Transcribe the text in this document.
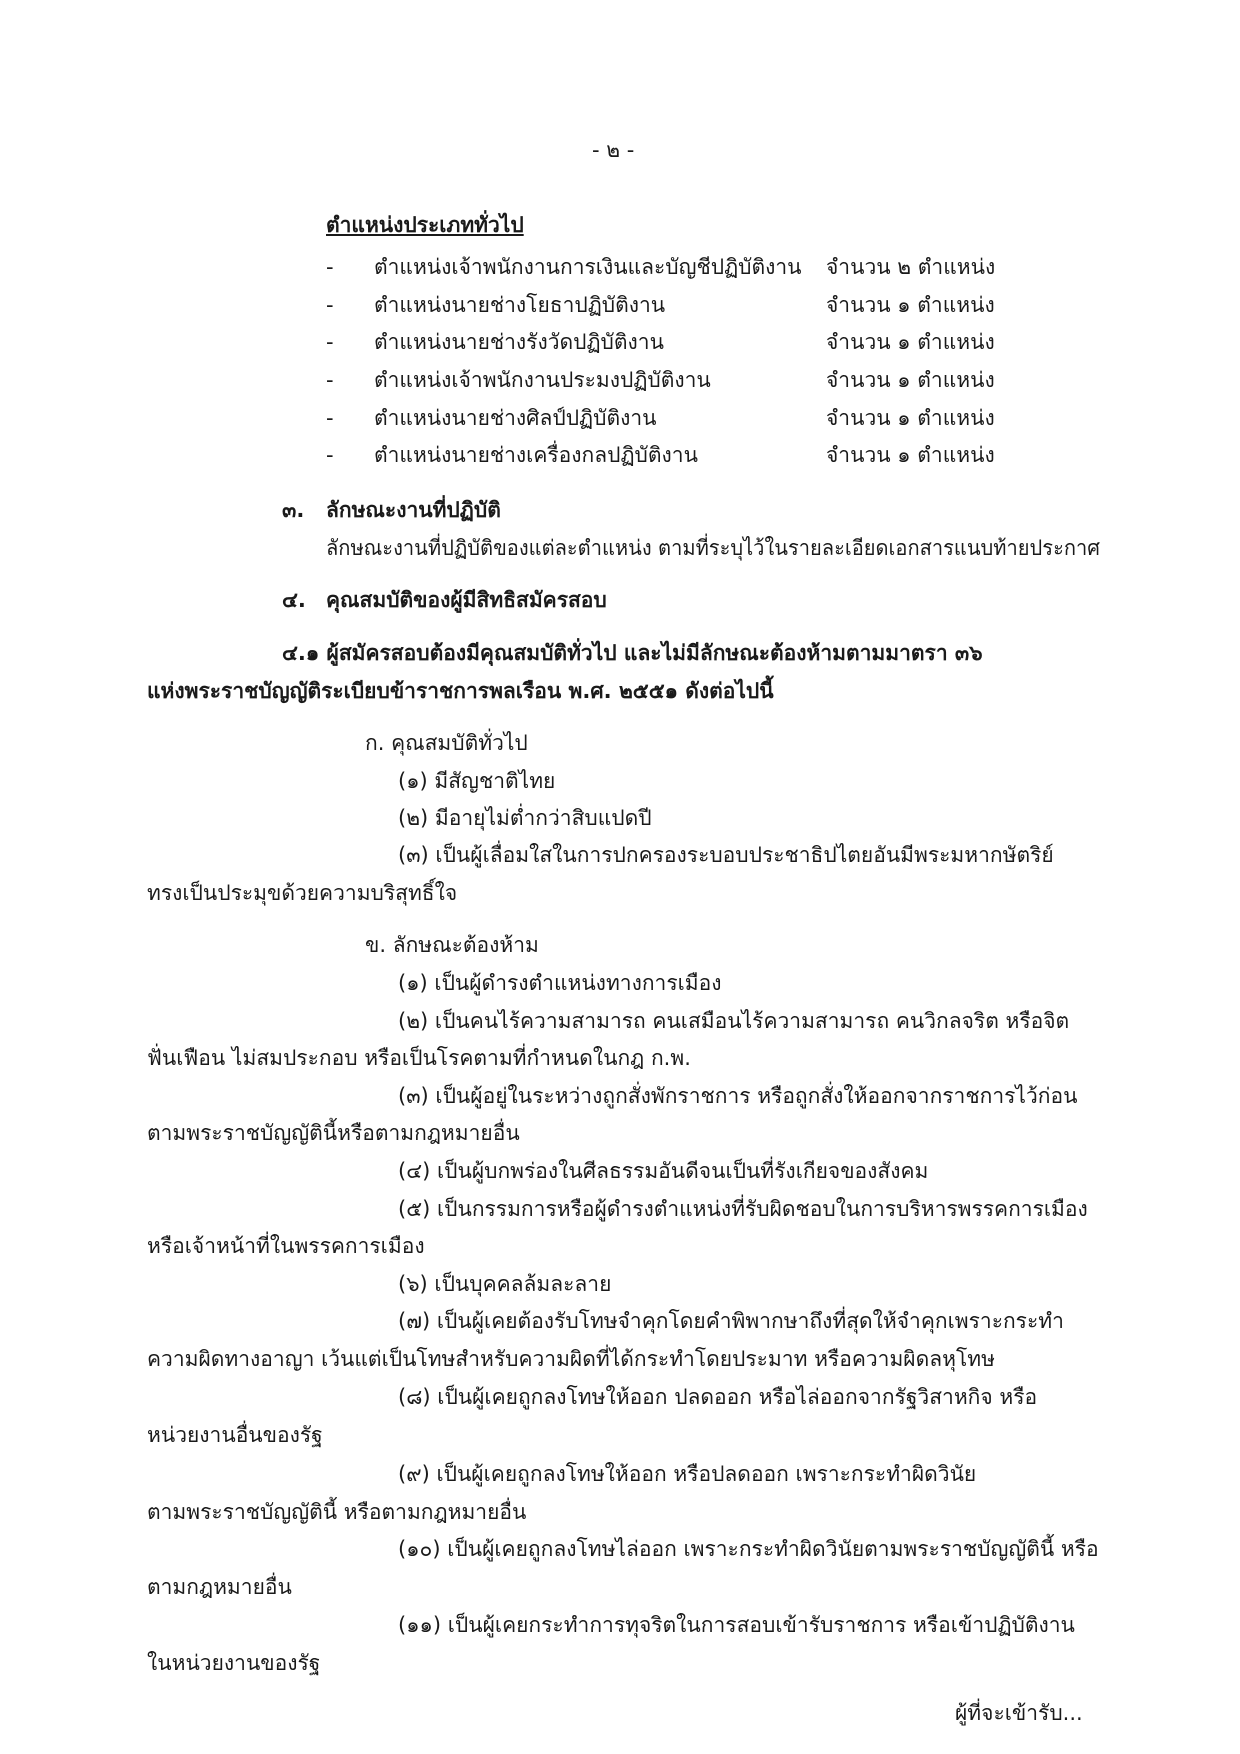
- ๒ -
ตำแหน่งประเภททั่วไป
- ตำแหน่งเจ้าพนักงานการเงินและบัญชีปฏิบัติงาน จำนวน ๒ ตำแหน่ง
- ตำแหน่งนายช่างโยธาปฏิบัติงาน	จำนวน ๑ ตำแหน่ง
- ตำแหน่งนายช่างรังวัดปฏิบัติงาน	จำนวน ๑ ตำแหน่ง
- ตำแหน่งเจ้าพนักงานประมงปฏิบัติงาน	จำนวน ๑ ตำแหน่ง
- ตำแหน่งนายช่างศิลป์ปฏิบัติงาน	จำนวน ๑ ตำแหน่ง
- ตำแหน่งนายช่างเครื่องกลปฏิบัติงาน	จำนวน ๑ ตำแหน่ง
๓. ลักษณะงานที่ปฏิบัติ
ลักษณะงานที่ปฏิบัติของแต่ละตำแหน่ง ตามที่ระบุไว้ในรายละเอียดเอกสารแนบท้ายประกาศ
๔. คุณสมบัติของผู้มีสิทธิสมัครสอบ
๔.๑ ผู้สมัครสอบต้องมีคุณสมบัติทั่วไป และไม่มีลักษณะต้องห้ามตามมาตรา ๓๖
แห่งพระราชบัญญัติระเบียบข้าราชการพลเรือน พ.ศ. ๒๕๕๑ ดังต่อไปนี้
ก. คุณสมบัติทั่วไป
(๑) มีสัญชาติไทย
(๒) มีอายุไม่ต่ำกว่าสิบแปดปี
(๓) เป็นผู้เลื่อมใสในการปกครองระบอบประชาธิปไตยอันมีพระมหากษัตริย์
ทรงเป็นประมุขด้วยความบริสุทธิ์ใจ
ข. ลักษณะต้องห้าม
(๑) เป็นผู้ดำรงตำแหน่งทางการเมือง
(๒) เป็นคนไร้ความสามารถ คนเสมือนไร้ความสามารถ คนวิกลจริต หรือจิต
ฟั่นเฟือน ไม่สมประกอบ หรือเป็นโรคตามที่กำหนดในกฎ ก.พ.
(๓) เป็นผู้อยู่ในระหว่างถูกสั่งพักราชการ หรือถูกสั่งให้ออกจากราชการไว้ก่อน
ตามพระราชบัญญัตินี้หรือตามกฎหมายอื่น
(๔) เป็นผู้บกพร่องในศีลธรรมอันดีจนเป็นที่รังเกียจของสังคม
(๕) เป็นกรรมการหรือผู้ดำรงตำแหน่งที่รับผิดชอบในการบริหารพรรคการเมือง
หรือเจ้าหน้าที่ในพรรคการเมือง
(๖) เป็นบุคคลล้มละลาย
(๗) เป็นผู้เคยต้องรับโทษจำคุกโดยคำพิพากษาถึงที่สุดให้จำคุกเพราะกระทำ
ความผิดทางอาญา เว้นแต่เป็นโทษสำหรับความผิดที่ได้กระทำโดยประมาท หรือความผิดลหุโทษ
(๘) เป็นผู้เคยถูกลงโทษให้ออก ปลดออก หรือไล่ออกจากรัฐวิสาหกิจ หรือ
หน่วยงานอื่นของรัฐ
(๙) เป็นผู้เคยถูกลงโทษให้ออก หรือปลดออก เพราะกระทำผิดวินัย
ตามพระราชบัญญัตินี้ หรือตามกฎหมายอื่น
(๑๐) เป็นผู้เคยถูกลงโทษไล่ออก เพราะกระทำผิดวินัยตามพระราชบัญญัตินี้ หรือ
ตามกฎหมายอื่น
(๑๑) เป็นผู้เคยกระทำการทุจริตในการสอบเข้ารับราชการ หรือเข้าปฏิบัติงาน
ในหน่วยงานของรัฐ
ผู้ที่จะเข้ารับ...
